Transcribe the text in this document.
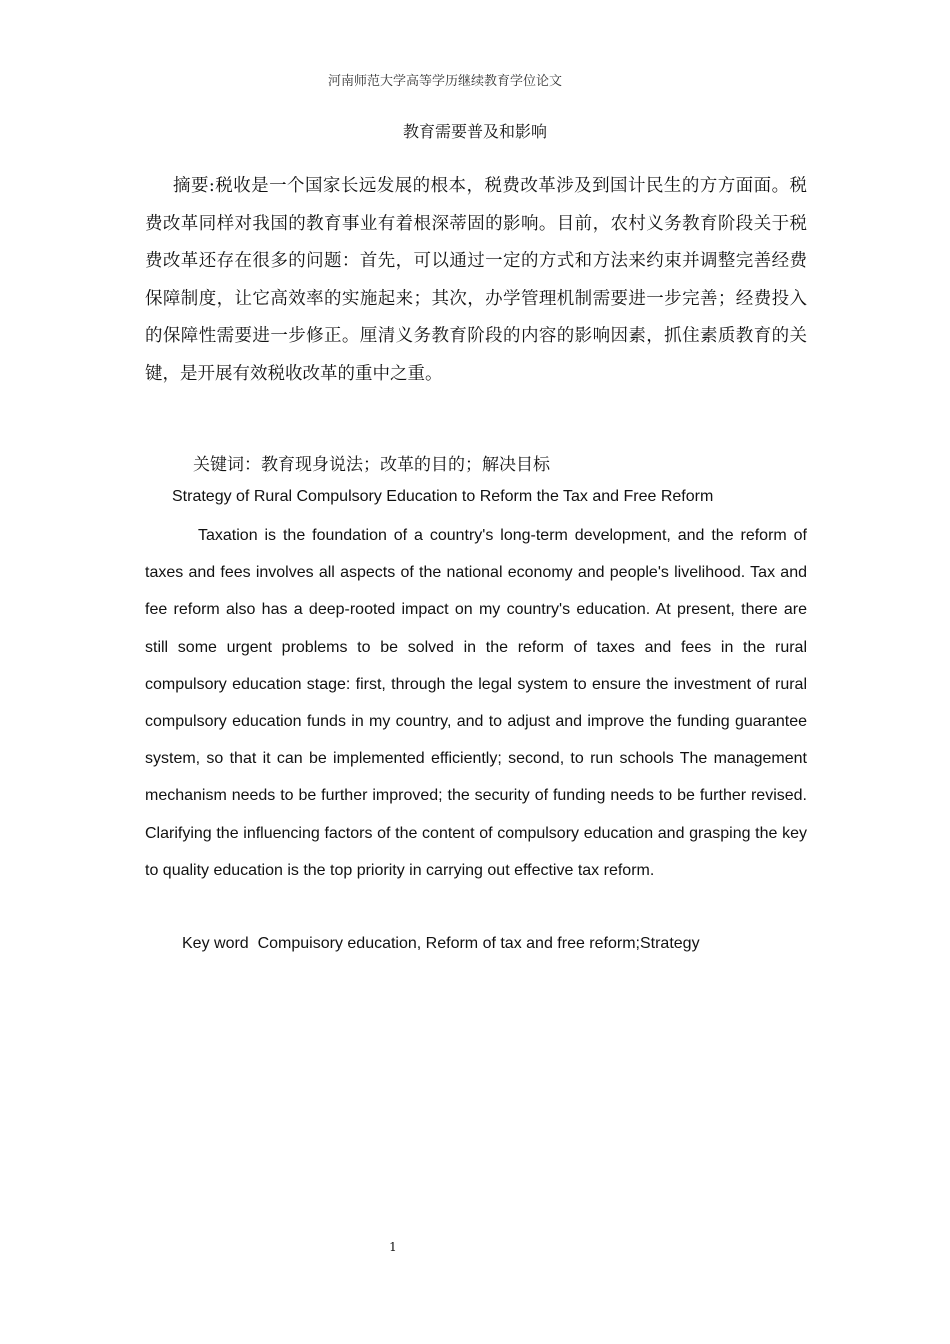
河南师范大学高等学历继续教育学位论文
教育需要普及和影响

摘要:税收是一个国家长远发展的根本，税费改革涉及到国计民生的方方面面。税费改革同样对我国的教育事业有着根深蒂固的影响。目前，农村义务教育阶段关于税费改革还存在很多的问题：首先，可以通过一定的方式和方法来约束并调整完善经费保障制度，让它高效率的实施起来；其次，办学管理机制需要进一步完善；经费投入的保障性需要进一步修正。厘清义务教育阶段的内容的影响因素，抓住素质教育的关键，是开展有效税收改革的重中之重。

关键词：教育现身说法；改革的目的；解决目标
Strategy of Rural Compulsory Education to Reform the Tax and Free Reform

Taxation is the foundation of a country's long-term development, and the reform of taxes and fees involves all aspects of the national economy and people's livelihood. Tax and fee reform also has a deep-rooted impact on my country's education. At present, there are still some urgent problems to be solved in the reform of taxes and fees in the rural compulsory education stage: first, through the legal system to ensure the investment of rural compulsory education funds in my country, and to adjust and improve the funding guarantee system, so that it can be implemented efficiently; second, to run schools The management mechanism needs to be further improved; the security of funding needs to be further revised. Clarifying the influencing factors of the content of compulsory education and grasping the key to quality education is the top priority in carrying out effective tax reform.

Key word  Compuisory education, Reform of tax and free reform;Strategy
1
